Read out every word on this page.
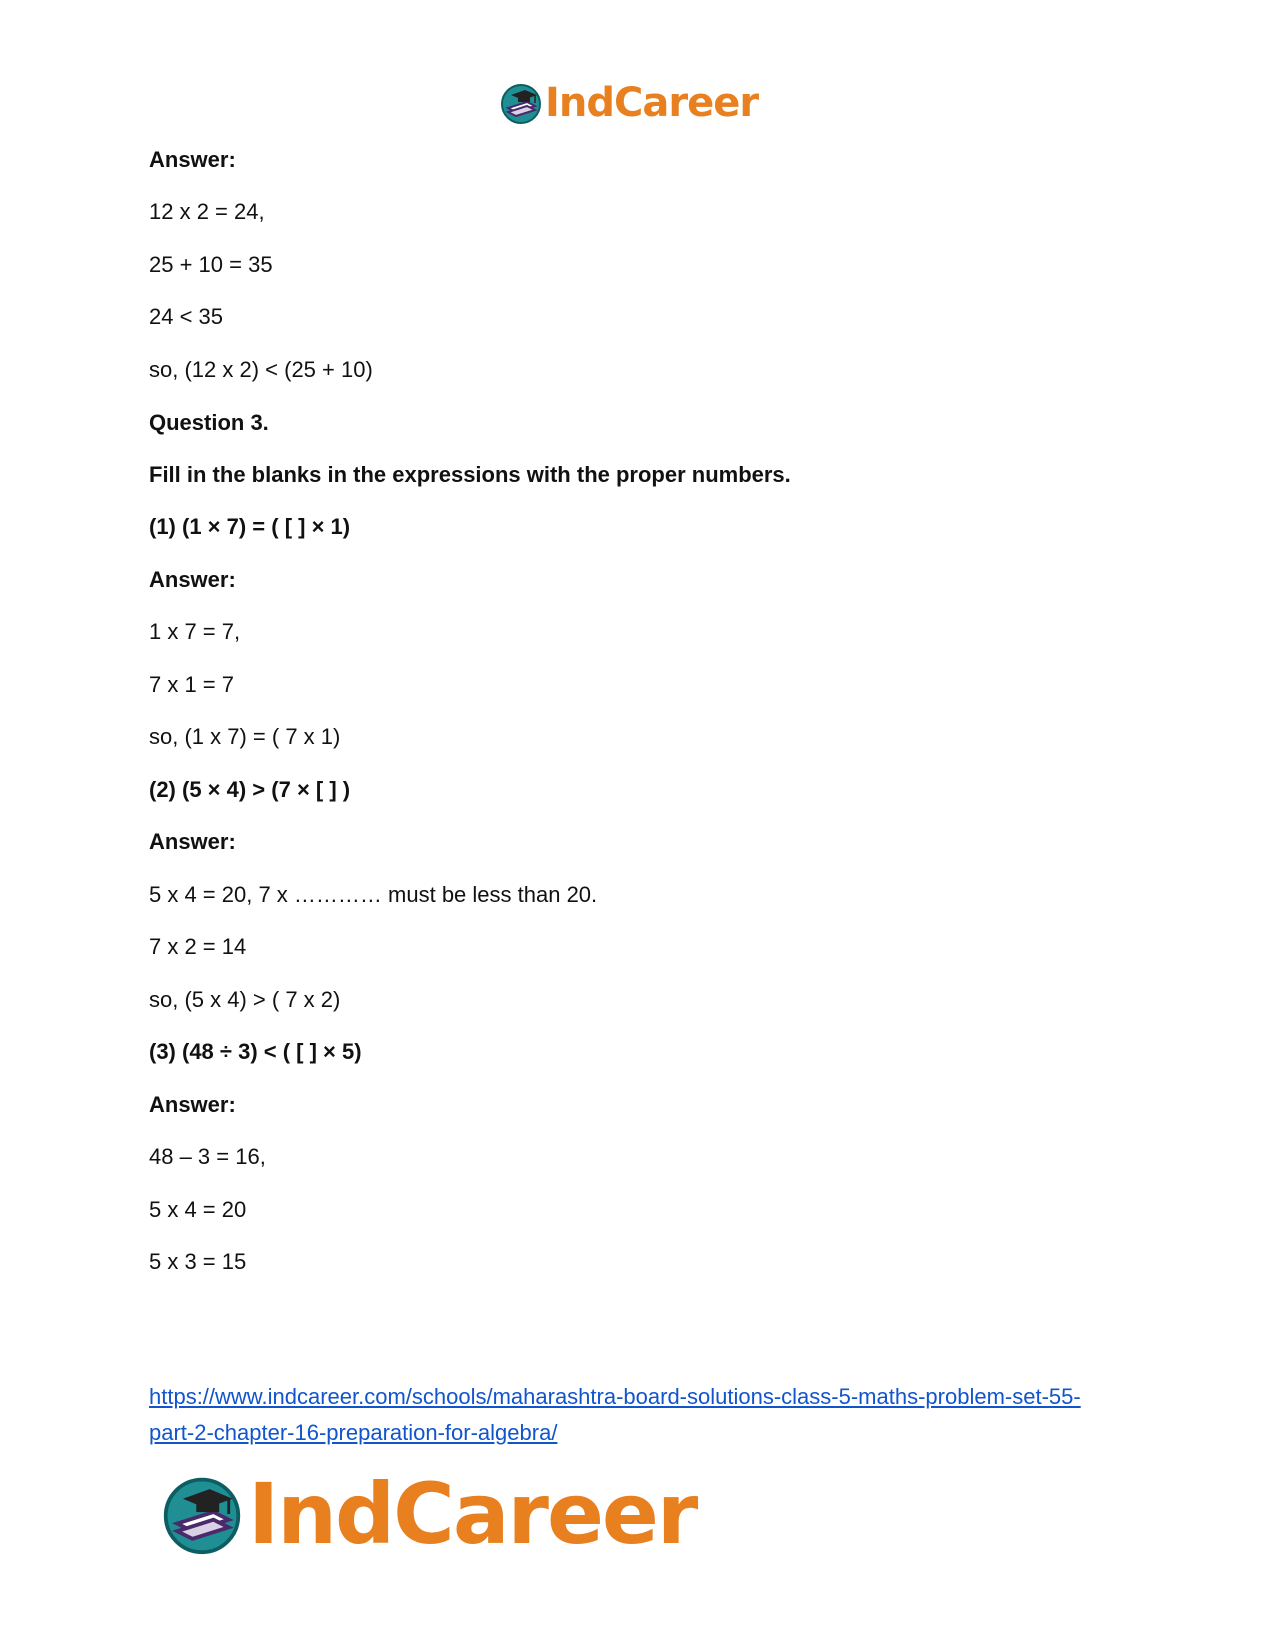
IndCareer
Answer:
12 x 2 = 24,
25 + 10 = 35
24 < 35
so, (12 x 2) < (25 + 10)
Question 3.
Fill in the blanks in the expressions with the proper numbers.
(1) (1 × 7) = ( [ ] × 1)
Answer:
1 x 7 = 7,
7 x 1 = 7
so, (1 x 7) = ( 7 x 1)
(2) (5 × 4) > (7 × [ ] )
Answer:
5 x 4 = 20, 7 x ………… must be less than 20.
7 x 2 = 14
so, (5 x 4) > ( 7 x 2)
(3) (48 ÷ 3) < ( [ ] × 5)
Answer:
48 – 3 = 16,
5 x 4 = 20
5 x 3 = 15
https://www.indcareer.com/schools/maharashtra-board-solutions-class-5-maths-problem-set-55-
part-2-chapter-16-preparation-for-algebra/
IndCareer
